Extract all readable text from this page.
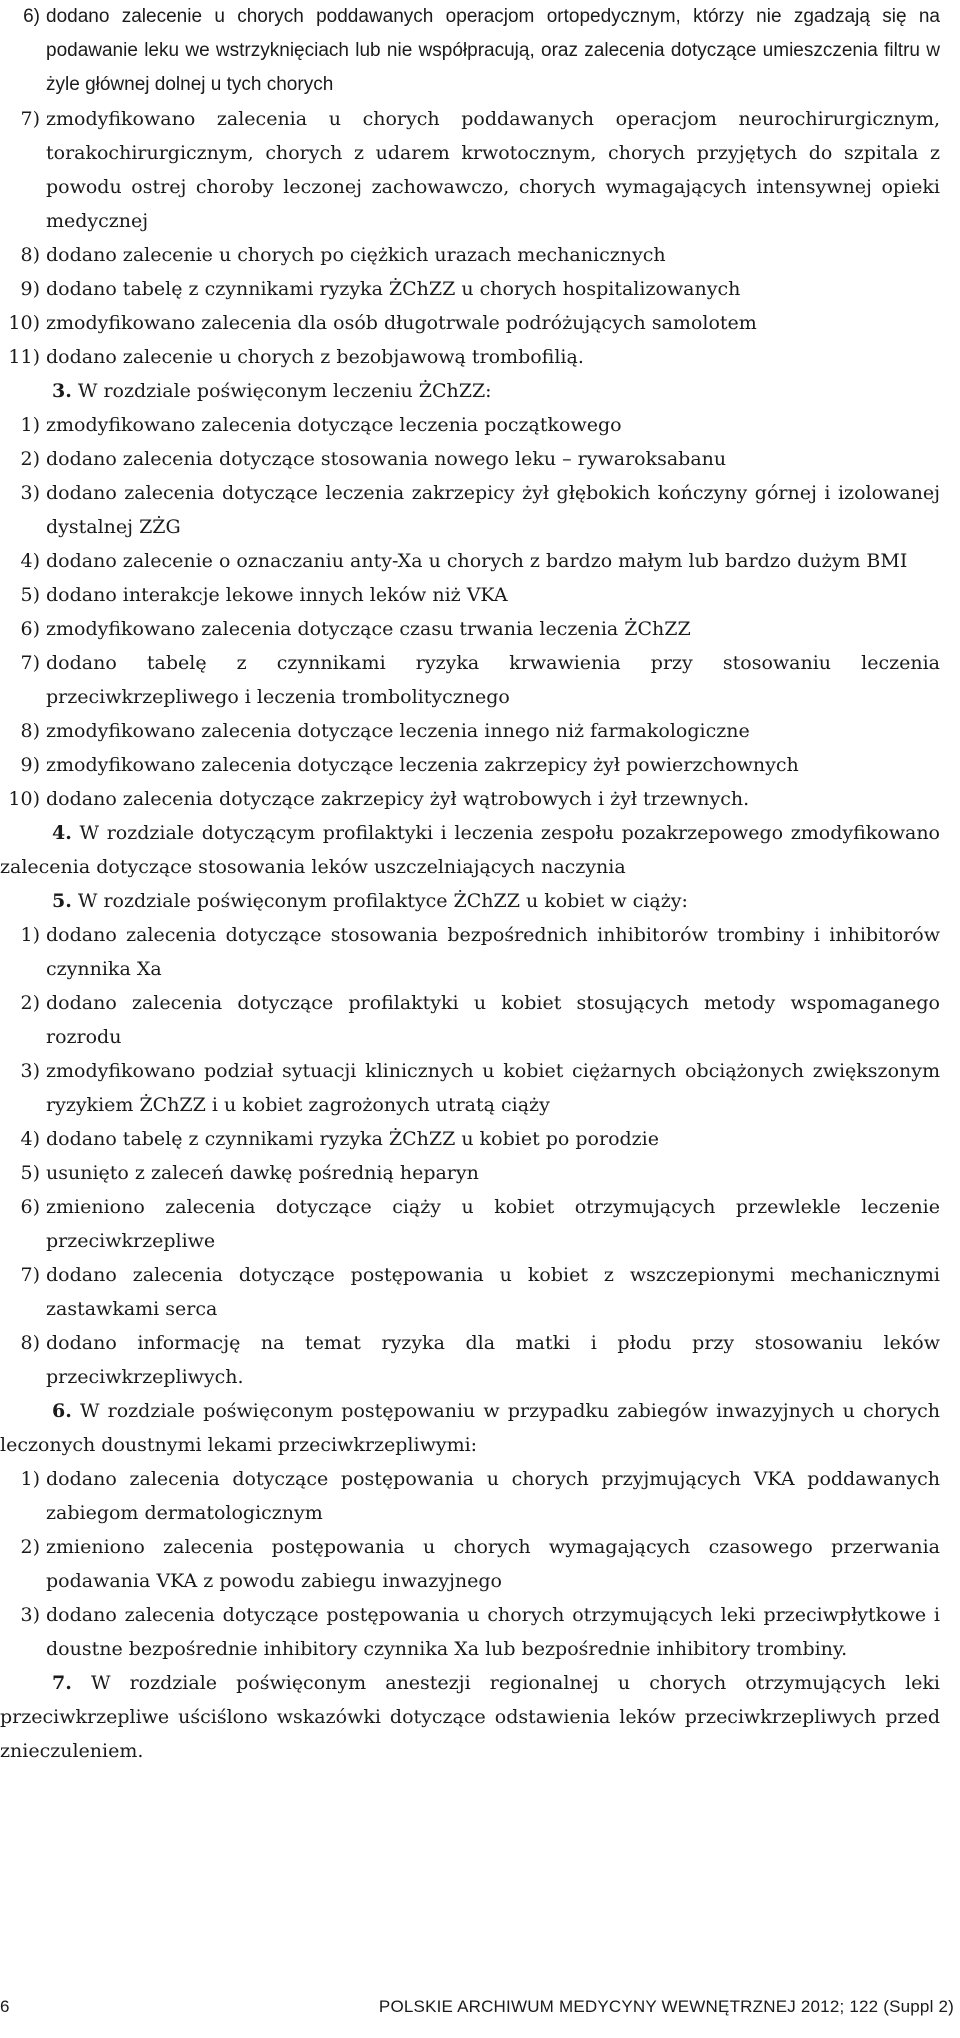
6) dodano zalecenie u chorych poddawanych operacjom ortopedycznym, którzy nie zgadzają się na podawanie leku we wstrzyknięciach lub nie współpracują, oraz zalecenia dotyczące umieszczenia filtru w żyle głównej dolnej u tych chorych
7) zmodyfikowano zalecenia u chorych poddawanych operacjom neurochirurgicznym, torakochirurgicznym, chorych z udarem krwotocznym, chorych przyjętych do szpitala z powodu ostrej choroby leczonej zachowawczo, chorych wymagających intensywnej opieki medycznej
8) dodano zalecenie u chorych po ciężkich urazach mechanicznych
9) dodano tabelę z czynnikami ryzyka ŻChZZ u chorych hospitalizowanych
10) zmodyfikowano zalecenia dla osób długotrwale podróżujących samolotem
11) dodano zalecenie u chorych z bezobjawową trombofilią.
3. W rozdziale poświęconym leczeniu ŻChZZ:
1) zmodyfikowano zalecenia dotyczące leczenia początkowego
2) dodano zalecenia dotyczące stosowania nowego leku – rywaroksabanu
3) dodano zalecenia dotyczące leczenia zakrzepicy żył głębokich kończyny górnej i izolowanej dystalnej ZŻG
4) dodano zalecenie o oznaczaniu anty-Xa u chorych z bardzo małym lub bardzo dużym BMI
5) dodano interakcje lekowe innych leków niż VKA
6) zmodyfikowano zalecenia dotyczące czasu trwania leczenia ŻChZZ
7) dodano tabelę z czynnikami ryzyka krwawienia przy stosowaniu leczenia przeciwkrzepliwego i leczenia trombolitycznego
8) zmodyfikowano zalecenia dotyczące leczenia innego niż farmakologiczne
9) zmodyfikowano zalecenia dotyczące leczenia zakrzepicy żył powierzchownych
10) dodano zalecenia dotyczące zakrzepicy żył wątrobowych i żył trzewnych.
4. W rozdziale dotyczącym profilaktyki i leczenia zespołu pozakrzepowego zmodyfikowano zalecenia dotyczące stosowania leków uszczelniających naczynia
5. W rozdziale poświęconym profilaktyce ŻChZZ u kobiet w ciąży:
1) dodano zalecenia dotyczące stosowania bezpośrednich inhibitorów trombiny i inhibitorów czynnika Xa
2) dodano zalecenia dotyczące profilaktyki u kobiet stosujących metody wspomaganego rozrodu
3) zmodyfikowano podział sytuacji klinicznych u kobiet ciężarnych obciążonych zwiększonym ryzykiem ŻChZZ i u kobiet zagrożonych utratą ciąży
4) dodano tabelę z czynnikami ryzyka ŻChZZ u kobiet po porodzie
5) usunięto z zaleceń dawkę pośrednią heparyn
6) zmieniono zalecenia dotyczące ciąży u kobiet otrzymujących przewlekle leczenie przeciwkrzepliwe
7) dodano zalecenia dotyczące postępowania u kobiet z wszczepionymi mechanicznymi zastawkami serca
8) dodano informację na temat ryzyka dla matki i płodu przy stosowaniu leków przeciwkrzepliwych.
6. W rozdziale poświęconym postępowaniu w przypadku zabiegów inwazyjnych u chorych leczonych doustnymi lekami przeciwkrzepliwymi:
1) dodano zalecenia dotyczące postępowania u chorych przyjmujących VKA poddawanych zabiegom dermatologicznym
2) zmieniono zalecenia postępowania u chorych wymagających czasowego przerwania podawania VKA z powodu zabiegu inwazyjnego
3) dodano zalecenia dotyczące postępowania u chorych otrzymujących leki przeciwpłytkowe i doustne bezpośrednie inhibitory czynnika Xa lub bezpośrednie inhibitory trombiny.
7. W rozdziale poświęconym anestezji regionalnej u chorych otrzymujących leki przeciwkrzepliwe uściślono wskazówki dotyczące odstawienia leków przeciwkrzepliwych przed znieczuleniem.
6	POLSKIE ARCHIWUM MEDYCYNY WEWNĘTRZNEJ 2012; 122 (Suppl 2)
